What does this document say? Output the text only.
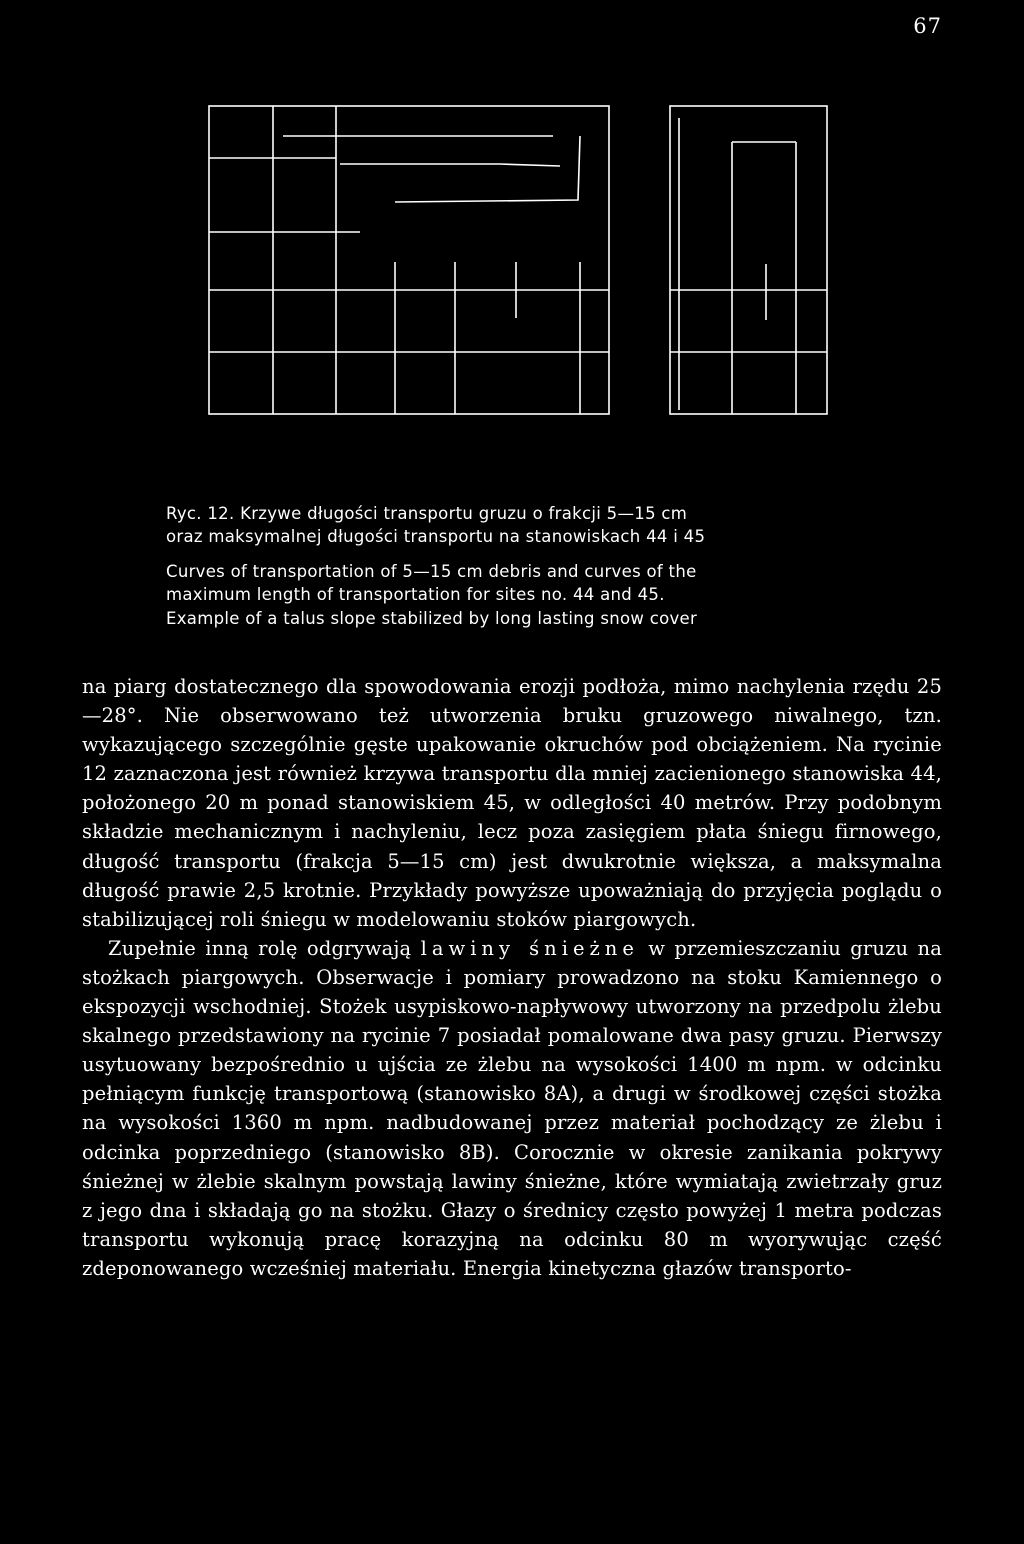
67

Ryc. 12. Krzywe długości transportu gruzu o frakcji 5—15 cm

oraz maksymalnej długości transportu na stanowiskach 44 i 45

Curves of transportation of 5—15 cm debris and curves of the

maximum length of transportation for sites no. 44 and 45.

Example of a talus slope stabilized by long lasting snow cover

na piarg dostatecznego dla spowodowania erozji podłoża, mimo nachylenia rzędu 25—28°. Nie obserwowano też utworzenia bruku gruzowego niwalnego, tzn. wykazującego szczególnie gęste upakowanie okruchów pod obciążeniem. Na rycinie 12 zaznaczona jest również krzywa transportu dla mniej zacienionego stanowiska 44, położonego 20 m ponad stanowiskiem 45, w odległości 40 metrów. Przy podobnym składzie mechanicznym i nachyleniu, lecz poza zasięgiem płata śniegu firnowego, długość transportu (frakcja 5—15 cm) jest dwukrotnie większa, a maksymalna długość prawie 2,5 krotnie. Przykłady powyższe upoważniają do przyjęcia poglądu o stabilizującej roli śniegu w modelowaniu stoków piargowych.

Zupełnie inną rolę odgrywają lawiny śnieżne w przemieszczaniu gruzu na stożkach piargowych. Obserwacje i pomiary prowadzono na stoku Kamiennego o ekspozycji wschodniej. Stożek usypiskowo-napływowy utworzony na przedpolu żlebu skalnego przedstawiony na rycinie 7 posiadał pomalowane dwa pasy gruzu. Pierwszy usytuowany bezpośrednio u ujścia ze żlebu na wysokości 1400 m npm. w odcinku pełniącym funkcję transportową (stanowisko 8A), a drugi w środkowej części stożka na wysokości 1360 m npm. nadbudowanej przez materiał pochodzący ze żlebu i odcinka poprzedniego (stanowisko 8B). Corocznie w okresie zanikania pokrywy śnieżnej w żlebie skalnym powstają lawiny śnieżne, które wymiatają zwietrzały gruz z jego dna i składają go na stożku. Głazy o średnicy często powyżej 1 metra podczas transportu wykonują pracę korazyjną na odcinku 80 m wyorywując część zdeponowanego wcześniej materiału. Energia kinetyczna głazów transporto-
